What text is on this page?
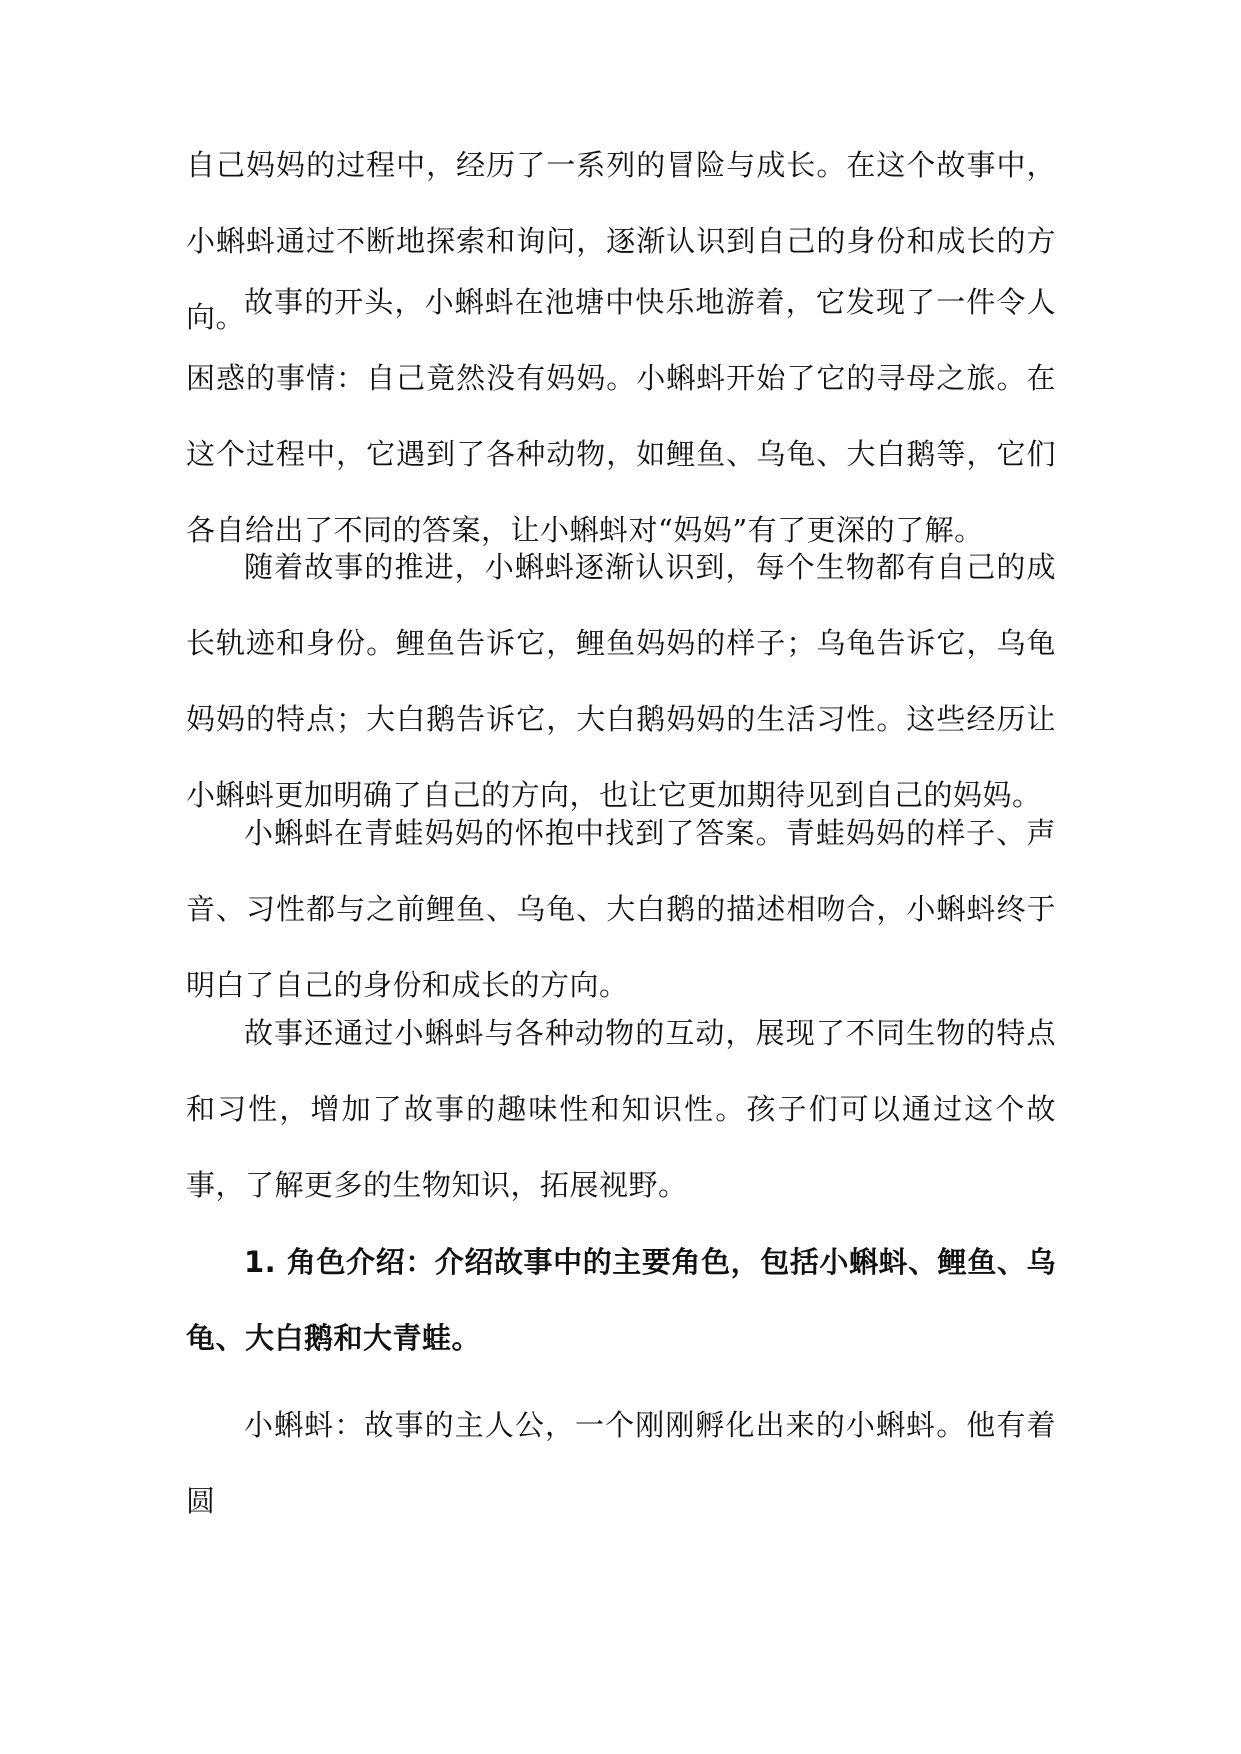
自己妈妈的过程中，经历了一系列的冒险与成长。在这个故事中，小蝌蚪通过不断地探索和询问，逐渐认识到自己的身份和成长的方向。

故事的开头，小蝌蚪在池塘中快乐地游着，它发现了一件令人困惑的事情：自己竟然没有妈妈。小蝌蚪开始了它的寻母之旅。在这个过程中，它遇到了各种动物，如鲤鱼、乌龟、大白鹅等，它们各自给出了不同的答案，让小蝌蚪对“妈妈”有了更深的了解。

随着故事的推进，小蝌蚪逐渐认识到，每个生物都有自己的成长轨迹和身份。鲤鱼告诉它，鲤鱼妈妈的样子；乌龟告诉它，乌龟妈妈的特点；大白鹅告诉它，大白鹅妈妈的生活习性。这些经历让小蝌蚪更加明确了自己的方向，也让它更加期待见到自己的妈妈。

小蝌蚪在青蛙妈妈的怀抱中找到了答案。青蛙妈妈的样子、声音、习性都与之前鲤鱼、乌龟、大白鹅的描述相吻合，小蝌蚪终于明白了自己的身份和成长的方向。

故事还通过小蝌蚪与各种动物的互动，展现了不同生物的特点和习性，增加了故事的趣味性和知识性。孩子们可以通过这个故事，了解更多的生物知识，拓展视野。

1. 角色介绍：介绍故事中的主要角色，包括小蝌蚪、鲤鱼、乌龟、大白鹅和大青蛙。

小蝌蚪：故事的主人公，一个刚刚孵化出来的小蝌蚪。他有着圆
